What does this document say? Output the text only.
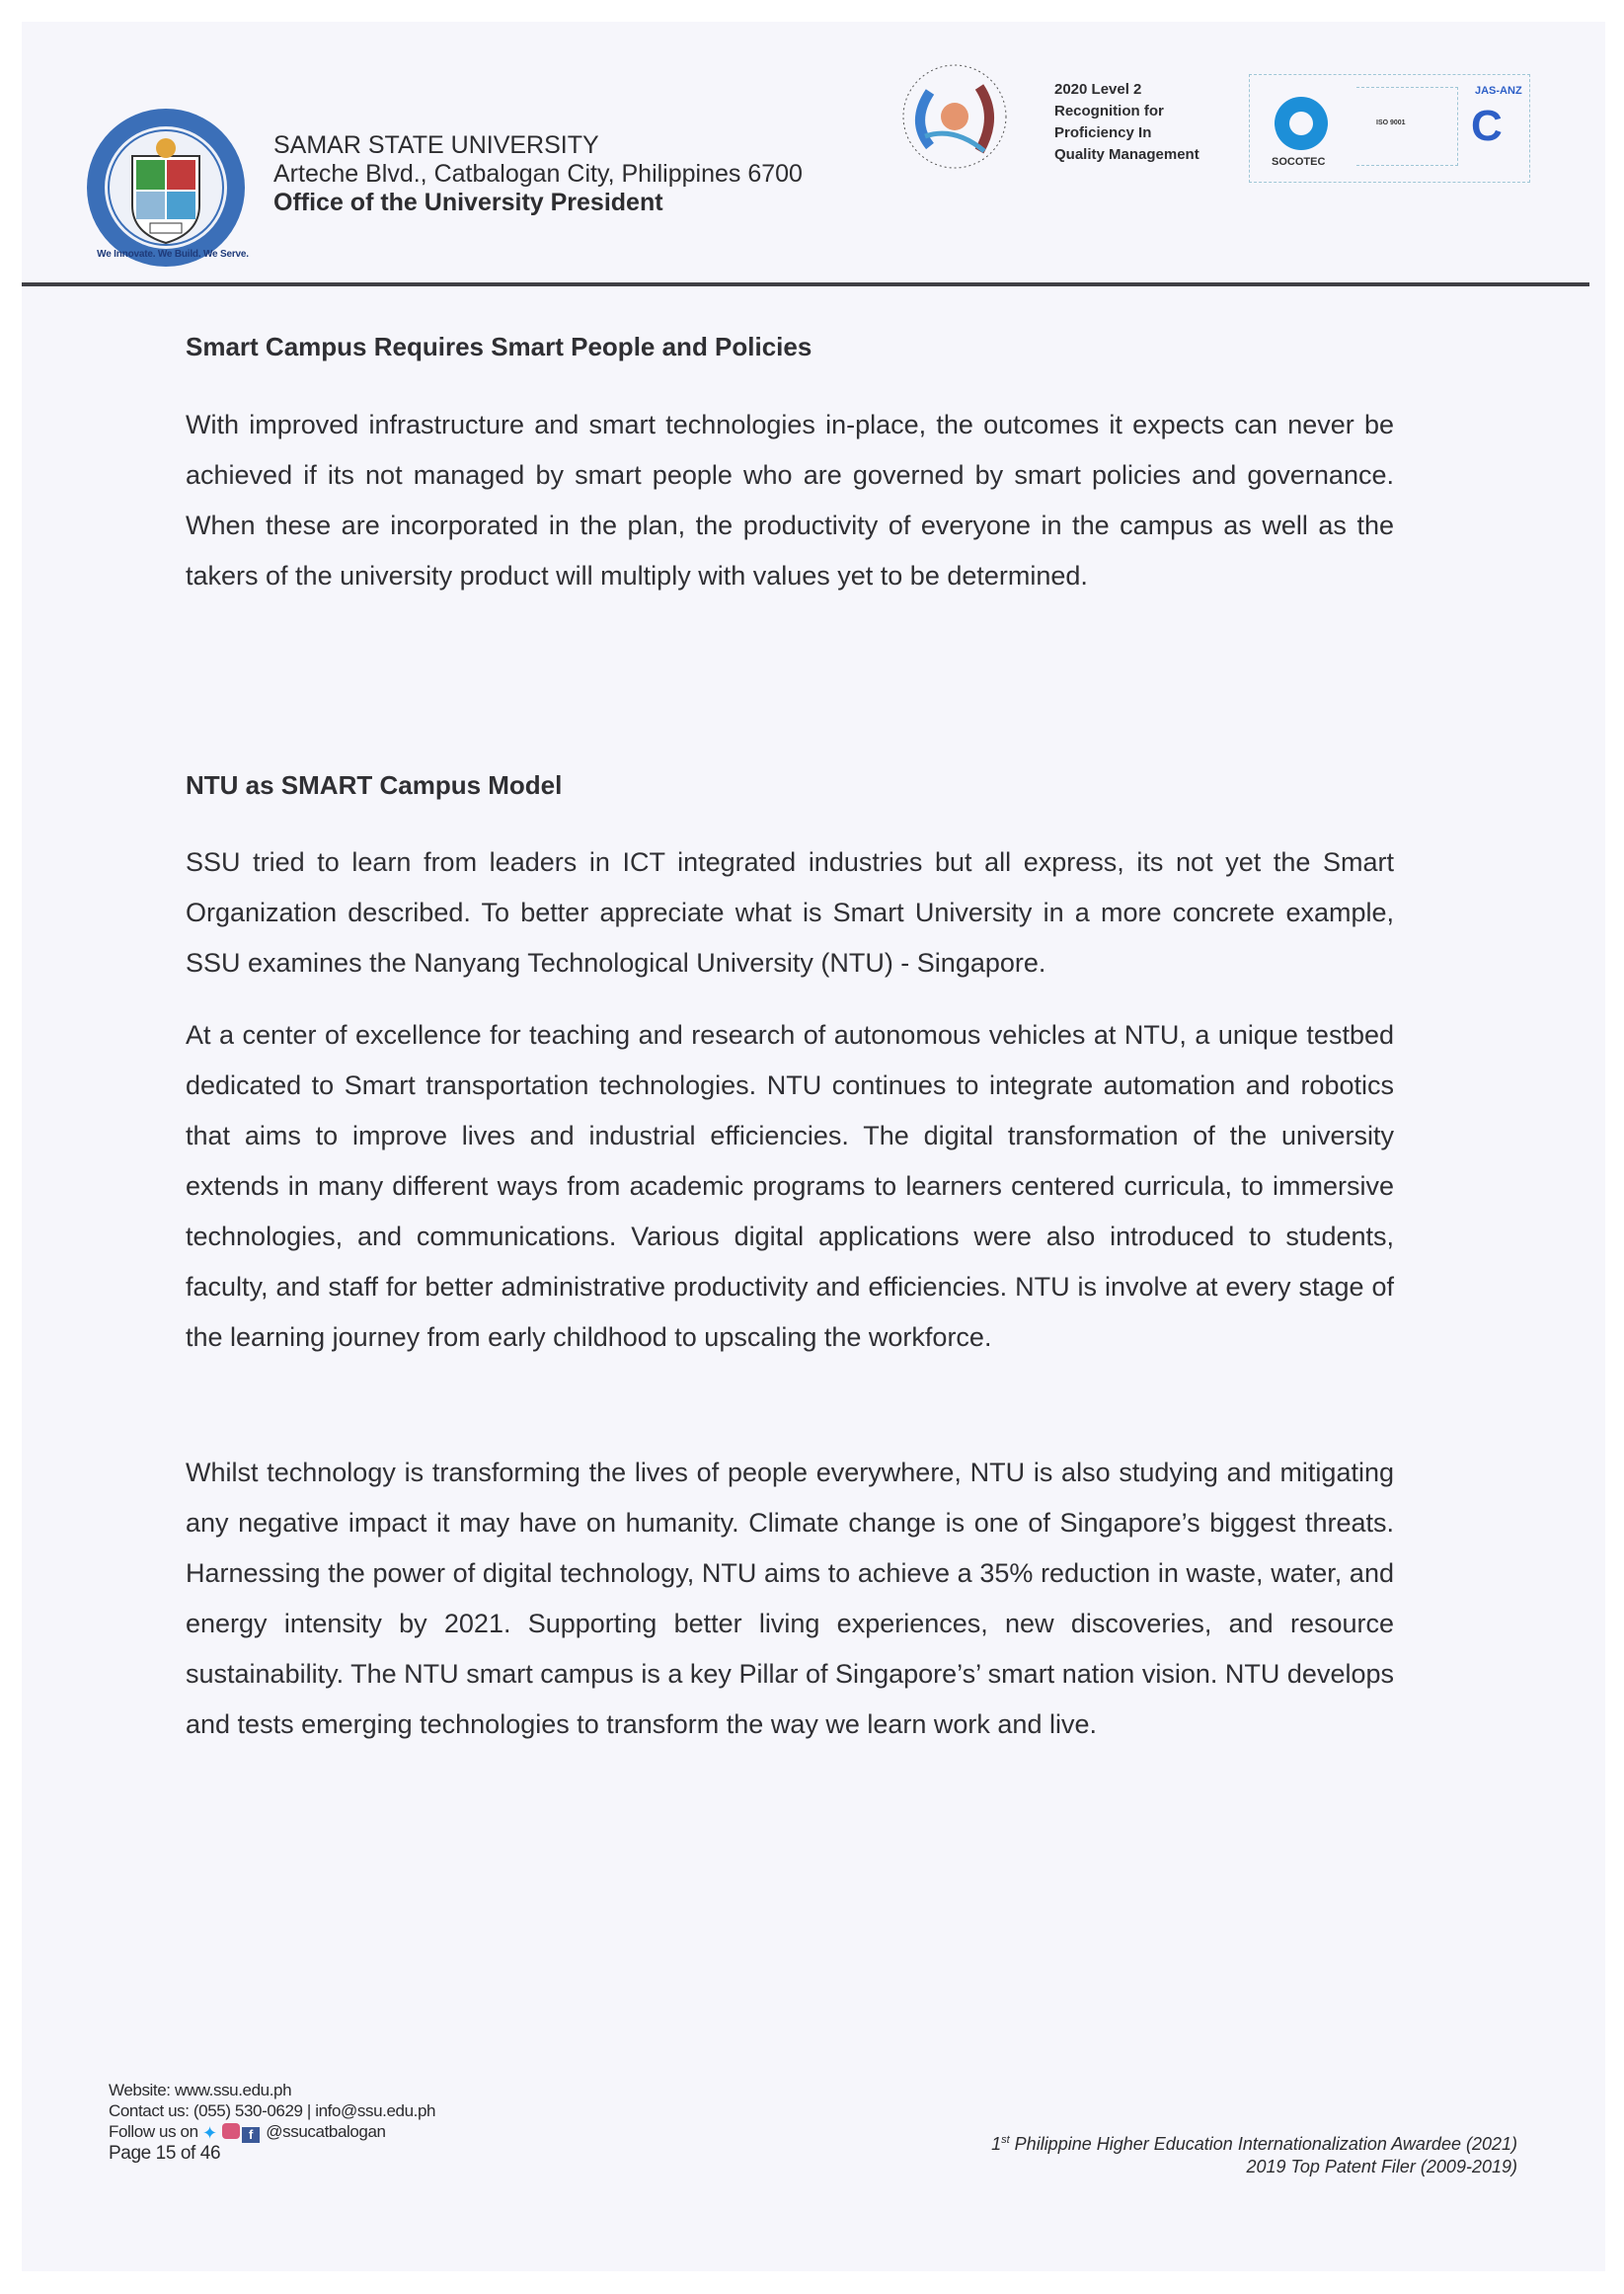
We Innovate. We Build. We Serve.
SAMAR STATE UNIVERSITY
Arteche Blvd., Catbalogan City, Philippines 6700
Office of the University President
2020 Level 2
Recognition for
Proficiency In
Quality Management	SOCOTEC
ISO 9001
JAS-ANZ
C
Smart Campus Requires Smart People and Policies

With improved infrastructure and smart technologies in-place, the outcomes it expects can never be achieved if its not managed by smart people who are governed by smart policies and governance. When these are incorporated in the plan, the productivity of everyone in the campus as well as the takers of the university product will multiply with values yet to be determined.

NTU as SMART Campus Model

SSU tried to learn from leaders in ICT integrated industries but all express, its not yet the Smart Organization described. To better appreciate what is Smart University in a more concrete example, SSU examines the Nanyang Technological University (NTU) - Singapore.

At a center of excellence for teaching and research of autonomous vehicles at NTU, a unique testbed dedicated to Smart transportation technologies. NTU continues to integrate automation and robotics that aims to improve lives and industrial efficiencies. The digital transformation of the university extends in many different ways from academic programs to learners centered curricula, to immersive technologies, and communications. Various digital applications were also introduced to students, faculty, and staff for better administrative productivity and efficiencies. NTU is involve at every stage of the learning journey from early childhood to upscaling the workforce.

Whilst technology is transforming the lives of people everywhere, NTU is also studying and mitigating any negative impact it may have on humanity. Climate change is one of Singapore’s biggest threats. Harnessing the power of digital technology, NTU aims to achieve a 35% reduction in waste, water, and energy intensity by 2021. Supporting better living experiences, new discoveries, and resource sustainability. The NTU smart campus is a key Pillar of Singapore’s’ smart nation vision. NTU develops and tests emerging technologies to transform the way we learn work and live.

Website: www.ssu.edu.ph
Contact us: (055) 530-0629 | info@ssu.edu.ph
Follow us on ✦ f @ssucatbalogan
Page 15 of 46	1st Philippine Higher Education Internationalization Awardee (2021)
2019 Top Patent Filer (2009-2019)
